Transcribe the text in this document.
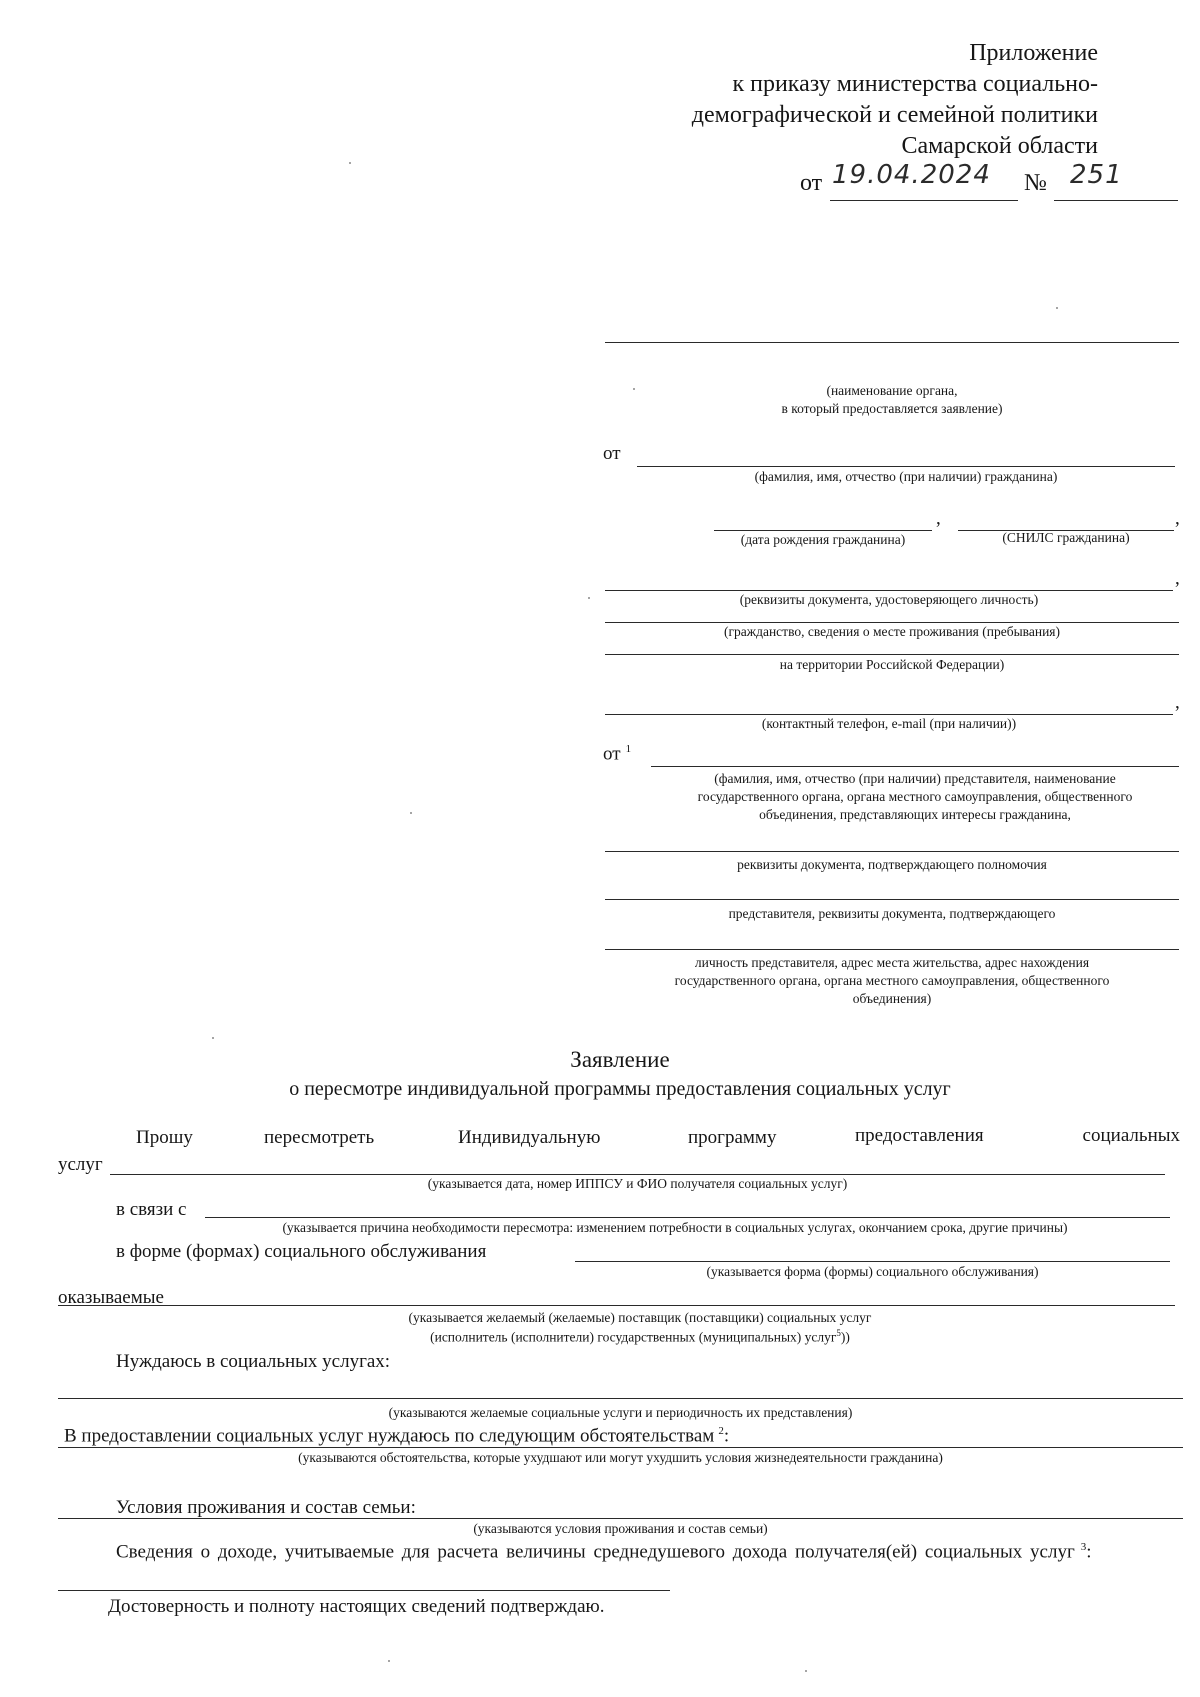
Приложение
к приказу министерства социально-
демографической и семейной политики
Самарской области
от 19.04.2024	№ 251
(наименование органа,
в который предоставляется заявление)
от
(фамилия, имя, отчество (при наличии) гражданина)
,	,
(дата рождения гражданина)	(СНИЛС гражданина)
,
(реквизиты документа, удостоверяющего личность)
(гражданство, сведения о месте проживания (пребывания)
на территории Российской Федерации)
,
(контактный телефон, e-mail (при наличии))
от $^1$
(фамилия, имя, отчество (при наличии) представителя, наименование
государственного органа, органа местного самоуправления, общественного
объединения, представляющих интересы гражданина,
реквизиты документа, подтверждающего полномочия
представителя, реквизиты документа, подтверждающего
личность представителя, адрес места жительства, адрес нахождения
государственного органа, органа местного самоуправления, общественного
объединения)
Заявление
о пересмотре индивидуальной программы предоставления социальных услуг
Прошу	пересмотреть	Индивидуальную	программу	предоставления	социальных
услуг
(указывается дата, номер ИППСУ и ФИО получателя социальных услуг)
в связи с
(указывается причина необходимости пересмотра: изменением потребности в социальных услугах, окончанием срока, другие причины)
в форме (формах) социального обслуживания
(указывается форма (формы) социального обслуживания)
оказываемые
(указывается желаемый (желаемые) поставщик (поставщики) социальных услуг
(исполнитель (исполнители) государственных (муниципальных) услуг$^5$))
Нуждаюсь в социальных услугах:
(указываются желаемые социальные услуги и периодичность их представления)
В предоставлении социальных услуг нуждаюсь по следующим обстоятельствам $^2$:
(указываются обстоятельства, которые ухудшают или могут ухудшить условия жизнедеятельности гражданина)
Условия проживания и состав семьи:
(указываются условия проживания и состав семьи)
Сведения о доходе, учитываемые для расчета величины среднедушевого дохода получателя(ей) социальных услуг $^3$:
Достоверность и полноту настоящих сведений подтверждаю.
